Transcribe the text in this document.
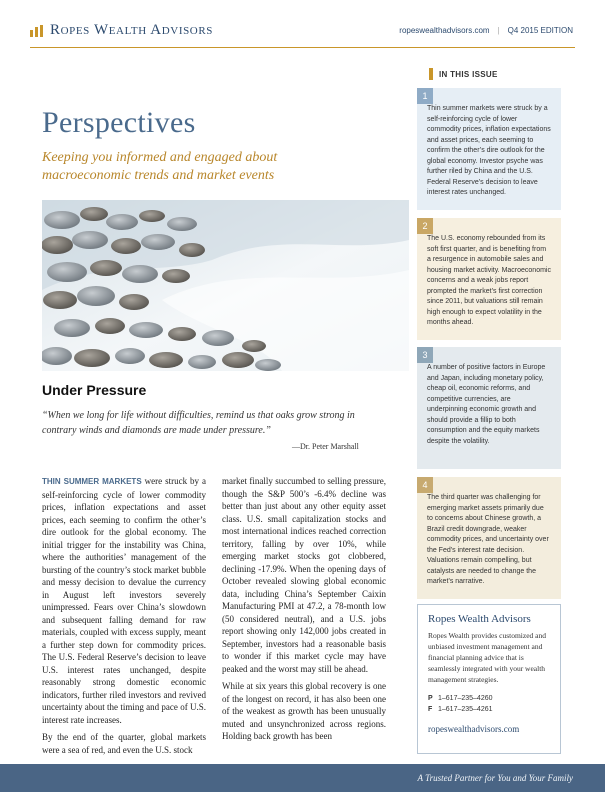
Ropes Wealth Advisors	ropeswealthadvisors.com | Q4 2015 EDITION
Perspectives
Keeping you informed and engaged about macroeconomic trends and market events
Under Pressure
“When we long for life without difficulties, remind us that oaks grow strong in contrary winds and diamonds are made under pressure.”
—Dr. Peter Marshall

THIN SUMMER MARKETS were struck by a self-reinforcing cycle of lower commodity prices, inflation expectations and asset prices, each seeming to confirm the other’s dire outlook for the global economy. The initial trigger for the instability was China, where the authorities’ management of the bursting of the country’s stock market bubble and messy decision to devalue the currency in August left investors severely unimpressed. Fears over China’s slowdown and subsequent falling demand for raw materials, coupled with excess supply, meant a further step down for commodity prices. The U.S. Federal Reserve’s decision to leave U.S. interest rates unchanged, despite reasonably strong domestic economic indicators, further riled investors and revived uncertainty about the timing and pace of U.S. interest rate increases.

By the end of the quarter, global markets were a sea of red, and even the U.S. stock

market finally succumbed to selling pressure, though the S&P 500’s -6.4% decline was better than just about any other equity asset class. U.S. small capitalization stocks and most international indices reached correction territory, falling by over 10%, while emerging market stocks got clobbered, declining -17.9%. When the opening days of October revealed slowing global economic data, including China’s September Caixin Manufacturing PMI at 47.2, a 78-month low (50 considered neutral), and a U.S. jobs report showing only 142,000 jobs created in September, investors had a reasonable basis to wonder if this market cycle may have peaked and the worst may still be ahead.

While at six years this global recovery is one of the longest on record, it has also been one of the weakest as growth has been unusually muted and unsynchronized across regions. Holding back growth has been

IN THIS ISSUE
1
Thin summer markets were struck by a self-reinforcing cycle of lower commodity prices, inflation expectations and asset prices, each seeming to confirm the other’s dire outlook for the global economy. Investor psyche was further riled by China and the U.S. Federal Reserve’s decision to leave interest rates unchanged.
2
The U.S. economy rebounded from its soft first quarter, and is benefiting from a resurgence in automobile sales and housing market activity. Macroeconomic concerns and a weak jobs report prompted the market’s first correction since 2011, but valuations still remain high enough to expect volatility in the months ahead.
3
A number of positive factors in Europe and Japan, including monetary policy, cheap oil, economic reforms, and competitive currencies, are underpinning economic growth and should provide a fillip to both consumption and the equity markets despite the volatility.
4
The third quarter was challenging for emerging market assets primarily due to concerns about Chinese growth, a Brazil credit downgrade, weaker commodity prices, and uncertainty over the Fed’s interest rate decision. Valuations remain compelling, but catalysts are needed to change the market’s narrative.
Ropes Wealth Advisors
Ropes Wealth provides customized and unbiased investment management and financial planning advice that is seamlessly integrated with your wealth management strategies.
P 1–617–235–4260
F 1–617–235–4261
ropeswealthadvisors.com
A Trusted Partner for You and Your Family
